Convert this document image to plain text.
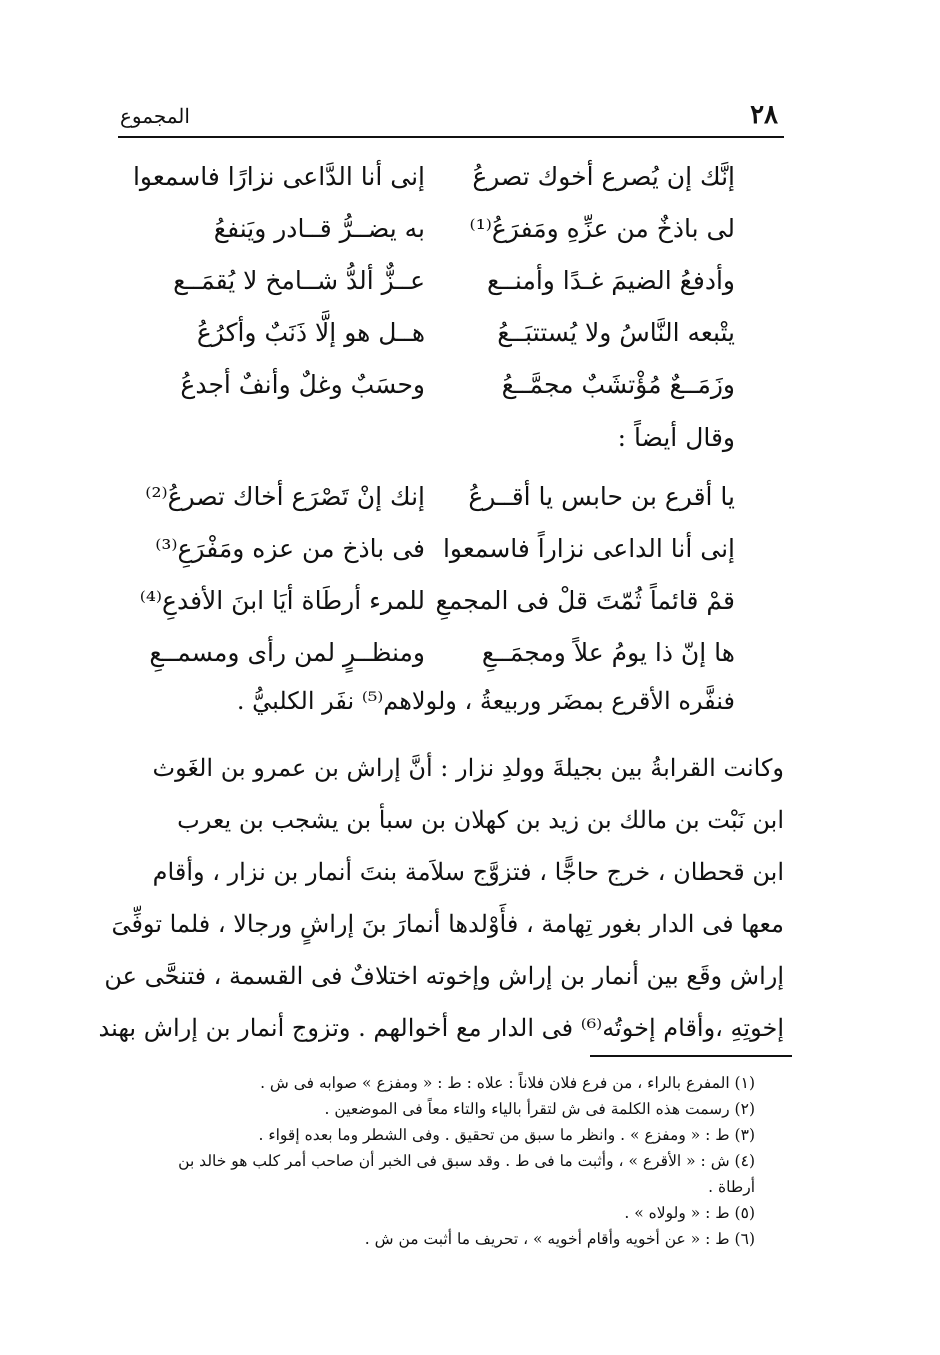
٢٨
المجموع
إنَّك إن يُصرع أخوك تصرعُ
إنى أنا الدَّاعى نزارًا فاسمعوا
لى باذخٌ من عزِّهِ ومَفرَعُ⁽¹⁾
به يضــرُّ قــادر ويَنفعُ
وأدفعُ الضيمَ غـدًا وأمنــع
عــزٌّ ألدُّ شــامخ لا يُقمَــع
يتْبعه النَّاسُ ولا يُستتبَــعُ
هــل هو إلَّا ذَنَبٌ وأكرُعُ
وزَمَــعٌ مُؤْتشَبٌ مجمَّــعُ
وحسَبٌ وغلٌ وأنفٌ أجدعُ
وقال أيضاً :
يا أقرع بن حابس يا أقــرعُ
إنك إنْ تَصْرَع أخاك تصرعُ⁽²⁾
إنى أنا الداعى نزاراً فاسمعوا
فى باذخ من عزه ومَفْرَعِ⁽³⁾
قمْ قائماً ثُمّتَ قلْ فى المجمعِ
للمرء أرطَاة أيَا ابنَ الأفدعِ⁽⁴⁾
ها إنّ ذا يومُ علاً ومجمَــعِ
ومنظــرٍ لمن رأى ومسمــعِ
فنفَّره الأقرع بمضَر وربيعةُ ، ولولاهم⁽⁵⁾ نفَر الكلبيُّ .
وكانت القرابةُ بين بجيلةَ وولدِ نزار : أنَّ إراش بن عمرو بن الغَوث
ابن نَبْت بن مالك بن زيد بن كهلان بن سبأ بن يشجب بن يعرب
ابن قحطان ، خرج حاجًّا ، فتزوَّج سلاَمة بنتَ أنمار بن نزار ، وأقام
معها فى الدار بغور تِهامة ، فأَوْلدها أنمارَ بنَ إراشٍ ورجالا ، فلما توفِّىَ
إراش وقَع بين أنمار بن إراش وإخوته اختلافٌ فى القسمة ، فتنحَّى عن
إخوتِهِ ،وأقام إخوتُه⁽⁶⁾ فى الدار مع أخوالهم . وتزوج أنمار بن إراش بهند
(١) المفرع بالراء ، من فرع فلان فلاناً : علاه : ط : « ومفزع » صوابه فى ش .
(٢) رسمت هذه الكلمة فى ش لتقرأ بالياء والتاء معاً فى الموضعين .
(٣) ط : « ومفزع » . وانظر ما سبق من تحقيق . وفى الشطر وما بعده إقواء .
(٤) ش : « الأقرع » ، وأثبت ما فى ط . وقد سبق فى الخبر أن صاحب أمر كلب هو خالد بن أرطاة .
(٥) ط : « ولولاه » .
(٦) ط : « عن أخويه وأقام أخويه » ، تحريف ما أثبت من ش .
